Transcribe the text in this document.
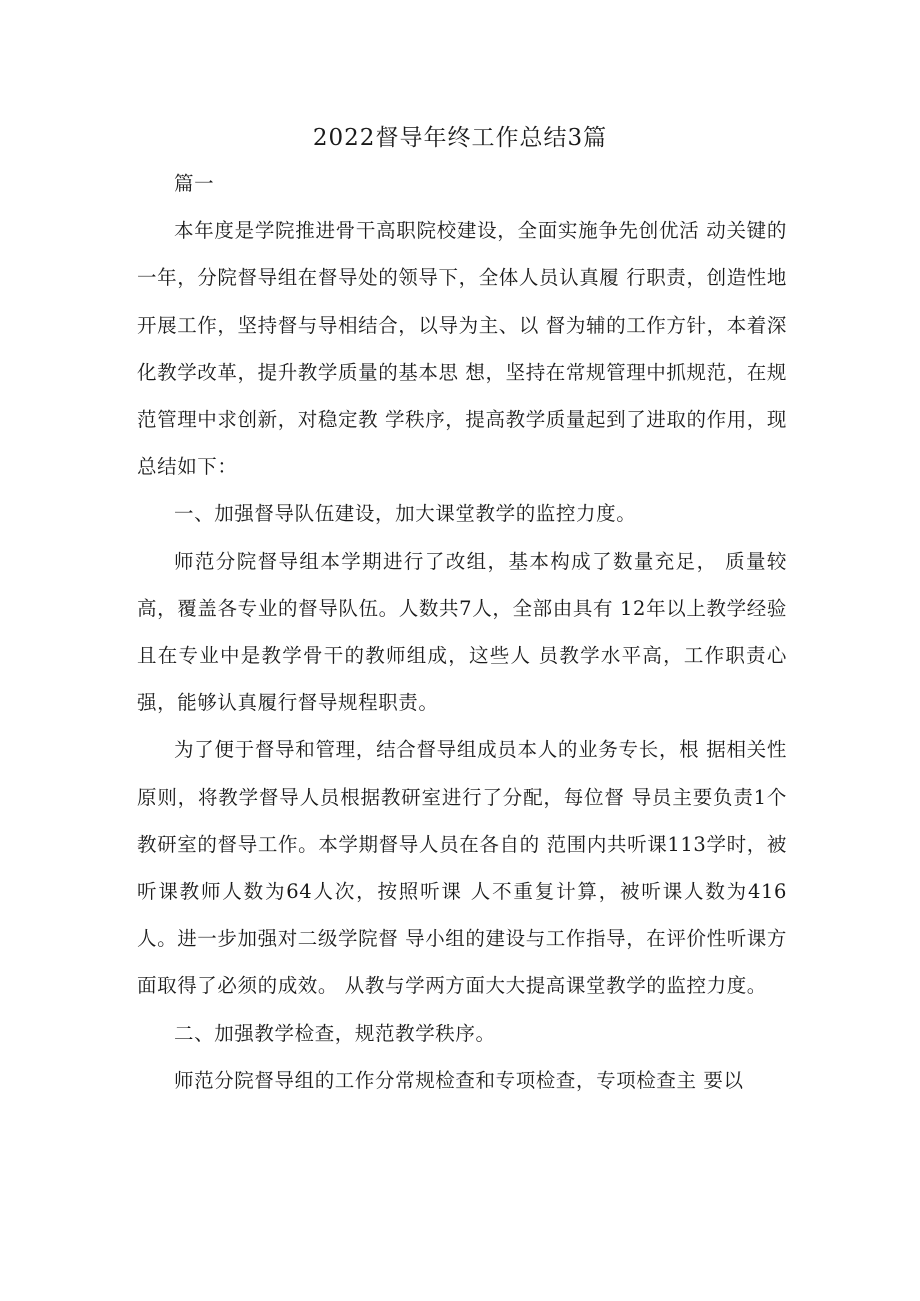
2022督导年终工作总结3篇

篇一

本年度是学院推进骨干高职院校建设，全面实施争先创优活 动关键的一年，分院督导组在督导处的领导下，全体人员认真履 行职责，创造性地开展工作，坚持督与导相结合，以导为主、以 督为辅的工作方针，本着深化教学改革，提升教学质量的基本思 想，坚持在常规管理中抓规范，在规范管理中求创新，对稳定教 学秩序，提高教学质量起到了进取的作用，现总结如下：

一、加强督导队伍建设，加大课堂教学的监控力度。

师范分院督导组本学期进行了改组，基本构成了数量充足， 质量较高，覆盖各专业的督导队伍。人数共7人，全部由具有 12年以上教学经验且在专业中是教学骨干的教师组成，这些人 员教学水平高，工作职责心强，能够认真履行督导规程职责。

为了便于督导和管理，结合督导组成员本人的业务专长，根 据相关性原则，将教学督导人员根据教研室进行了分配，每位督 导员主要负责1个教研室的督导工作。本学期督导人员在各自的 范围内共听课113学时，被听课教师人数为64人次，按照听课 人不重复计算，被听课人数为416人。进一步加强对二级学院督 导小组的建设与工作指导，在评价性听课方面取得了必须的成效。 从教与学两方面大大提高课堂教学的监控力度。

二、加强教学检查，规范教学秩序。

师范分院督导组的工作分常规检查和专项检查，专项检查主 要以
